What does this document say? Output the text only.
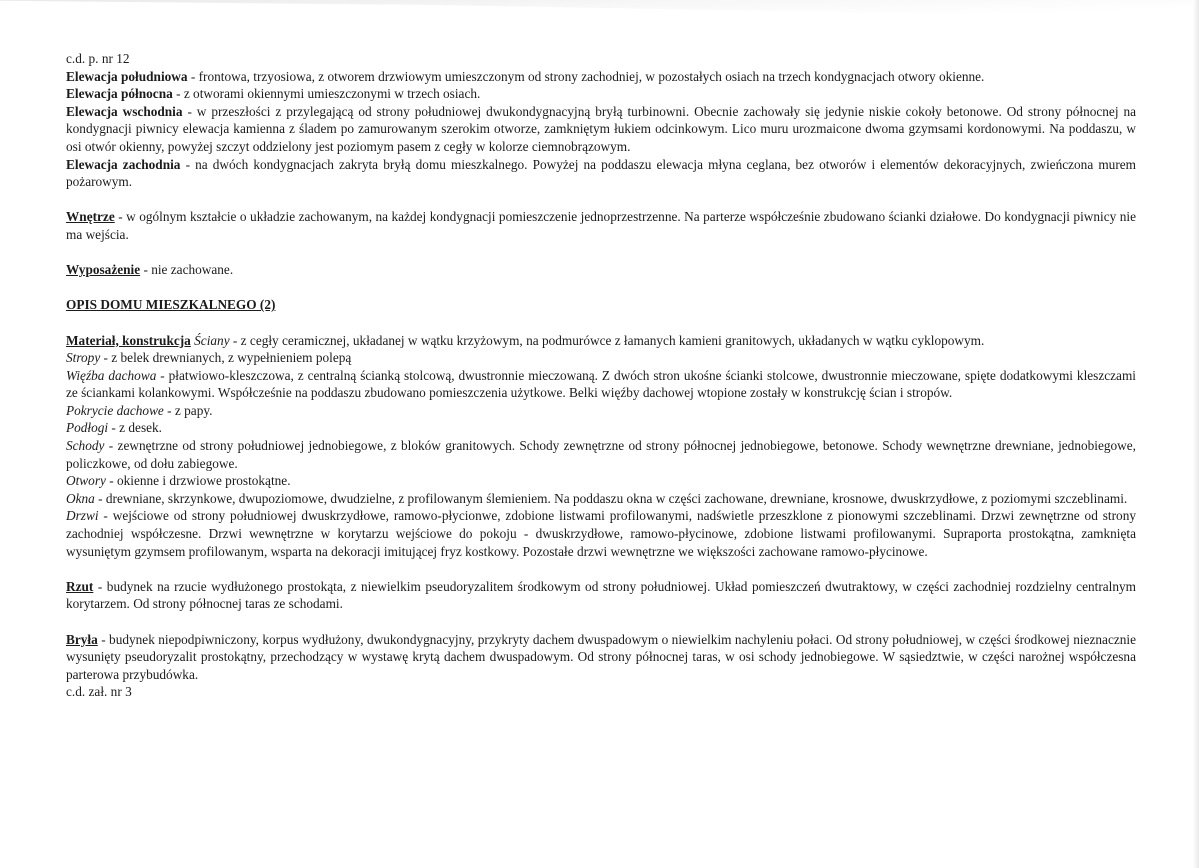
c.d. p. nr 12

Elewacja południowa - frontowa, trzyosiowa, z otworem drzwiowym umieszczonym od strony zachodniej, w pozostałych osiach na trzech kondygnacjach otwory okienne.

Elewacja północna - z otworami okiennymi umieszczonymi w trzech osiach.

Elewacja wschodnia - w przeszłości z przylegającą od strony południowej dwukondygnacyjną bryłą turbinowni. Obecnie zachowały się jedynie niskie cokoły betonowe. Od strony północnej na kondygnacji piwnicy elewacja kamienna z śladem po zamurowanym szerokim otworze, zamkniętym łukiem odcinkowym. Lico muru urozmaicone dwoma gzymsami kordonowymi. Na poddaszu, w osi otwór okienny, powyżej szczyt oddzielony jest poziomym pasem z cegły w kolorze ciemnobrązowym.

Elewacja zachodnia - na dwóch kondygnacjach zakryta bryłą domu mieszkalnego. Powyżej na poddaszu elewacja młyna ceglana, bez otworów i elementów dekoracyjnych, zwieńczona murem pożarowym.

Wnętrze - w ogólnym kształcie o układzie zachowanym, na każdej kondygnacji pomieszczenie jednoprzestrzenne. Na parterze współcześnie zbudowano ścianki działowe. Do kondygnacji piwnicy nie ma wejścia.

Wyposażenie - nie zachowane.

OPIS DOMU MIESZKALNEGO (2)

Materiał, konstrukcja Ściany - z cegły ceramicznej, układanej w wątku krzyżowym, na podmurówce z łamanych kamieni granitowych, układanych w wątku cyklopowym.

Stropy - z belek drewnianych, z wypełnieniem polepą

Więźba dachowa - płatwiowo-kleszczowa, z centralną ścianką stolcową, dwustronnie mieczowaną. Z dwóch stron ukośne ścianki stolcowe, dwustronnie mieczowane, spięte dodatkowymi kleszczami ze ściankami kolankowymi. Współcześnie na poddaszu zbudowano pomieszczenia użytkowe. Belki więźby dachowej wtopione zostały w konstrukcję ścian i stropów.

Pokrycie dachowe - z papy.

Podłogi - z desek.

Schody - zewnętrzne od strony południowej jednobiegowe, z bloków granitowych. Schody zewnętrzne od strony północnej jednobiegowe, betonowe. Schody wewnętrzne drewniane, jednobiegowe, policzkowe, od dołu zabiegowe.

Otwory - okienne i drzwiowe prostokątne.

Okna - drewniane, skrzynkowe, dwupoziomowe, dwudzielne, z profilowanym ślemieniem. Na poddaszu okna w części zachowane, drewniane, krosnowe, dwuskrzydłowe, z poziomymi szczeblinami.

Drzwi - wejściowe od strony południowej dwuskrzydłowe, ramowo-płycionwe, zdobione listwami profilowanymi, nadświetle przeszklone z pionowymi szczeblinami. Drzwi zewnętrzne od strony zachodniej współczesne. Drzwi wewnętrzne w korytarzu wejściowe do pokoju - dwuskrzydłowe, ramowo-płycinowe, zdobione listwami profilowanymi. Supraporta prostokątna, zamknięta wysuniętym gzymsem profilowanym, wsparta na dekoracji imitującej fryz kostkowy. Pozostałe drzwi wewnętrzne we większości zachowane ramowo-płycinowe.

Rzut - budynek na rzucie wydłużonego prostokąta, z niewielkim pseudoryzalitem środkowym od strony południowej. Układ pomieszczeń dwutraktowy, w części zachodniej rozdzielny centralnym korytarzem. Od strony północnej taras ze schodami.

Bryła - budynek niepodpiwniczony, korpus wydłużony, dwukondygnacyjny, przykryty dachem dwuspadowym o niewielkim nachyleniu połaci. Od strony południowej, w części środkowej nieznacznie wysunięty pseudoryzalit prostokątny, przechodzący w wystawę krytą dachem dwuspadowym. Od strony północnej taras, w osi schody jednobiegowe. W sąsiedztwie, w części narożnej współczesna parterowa przybudówka.

c.d. zał. nr 3
